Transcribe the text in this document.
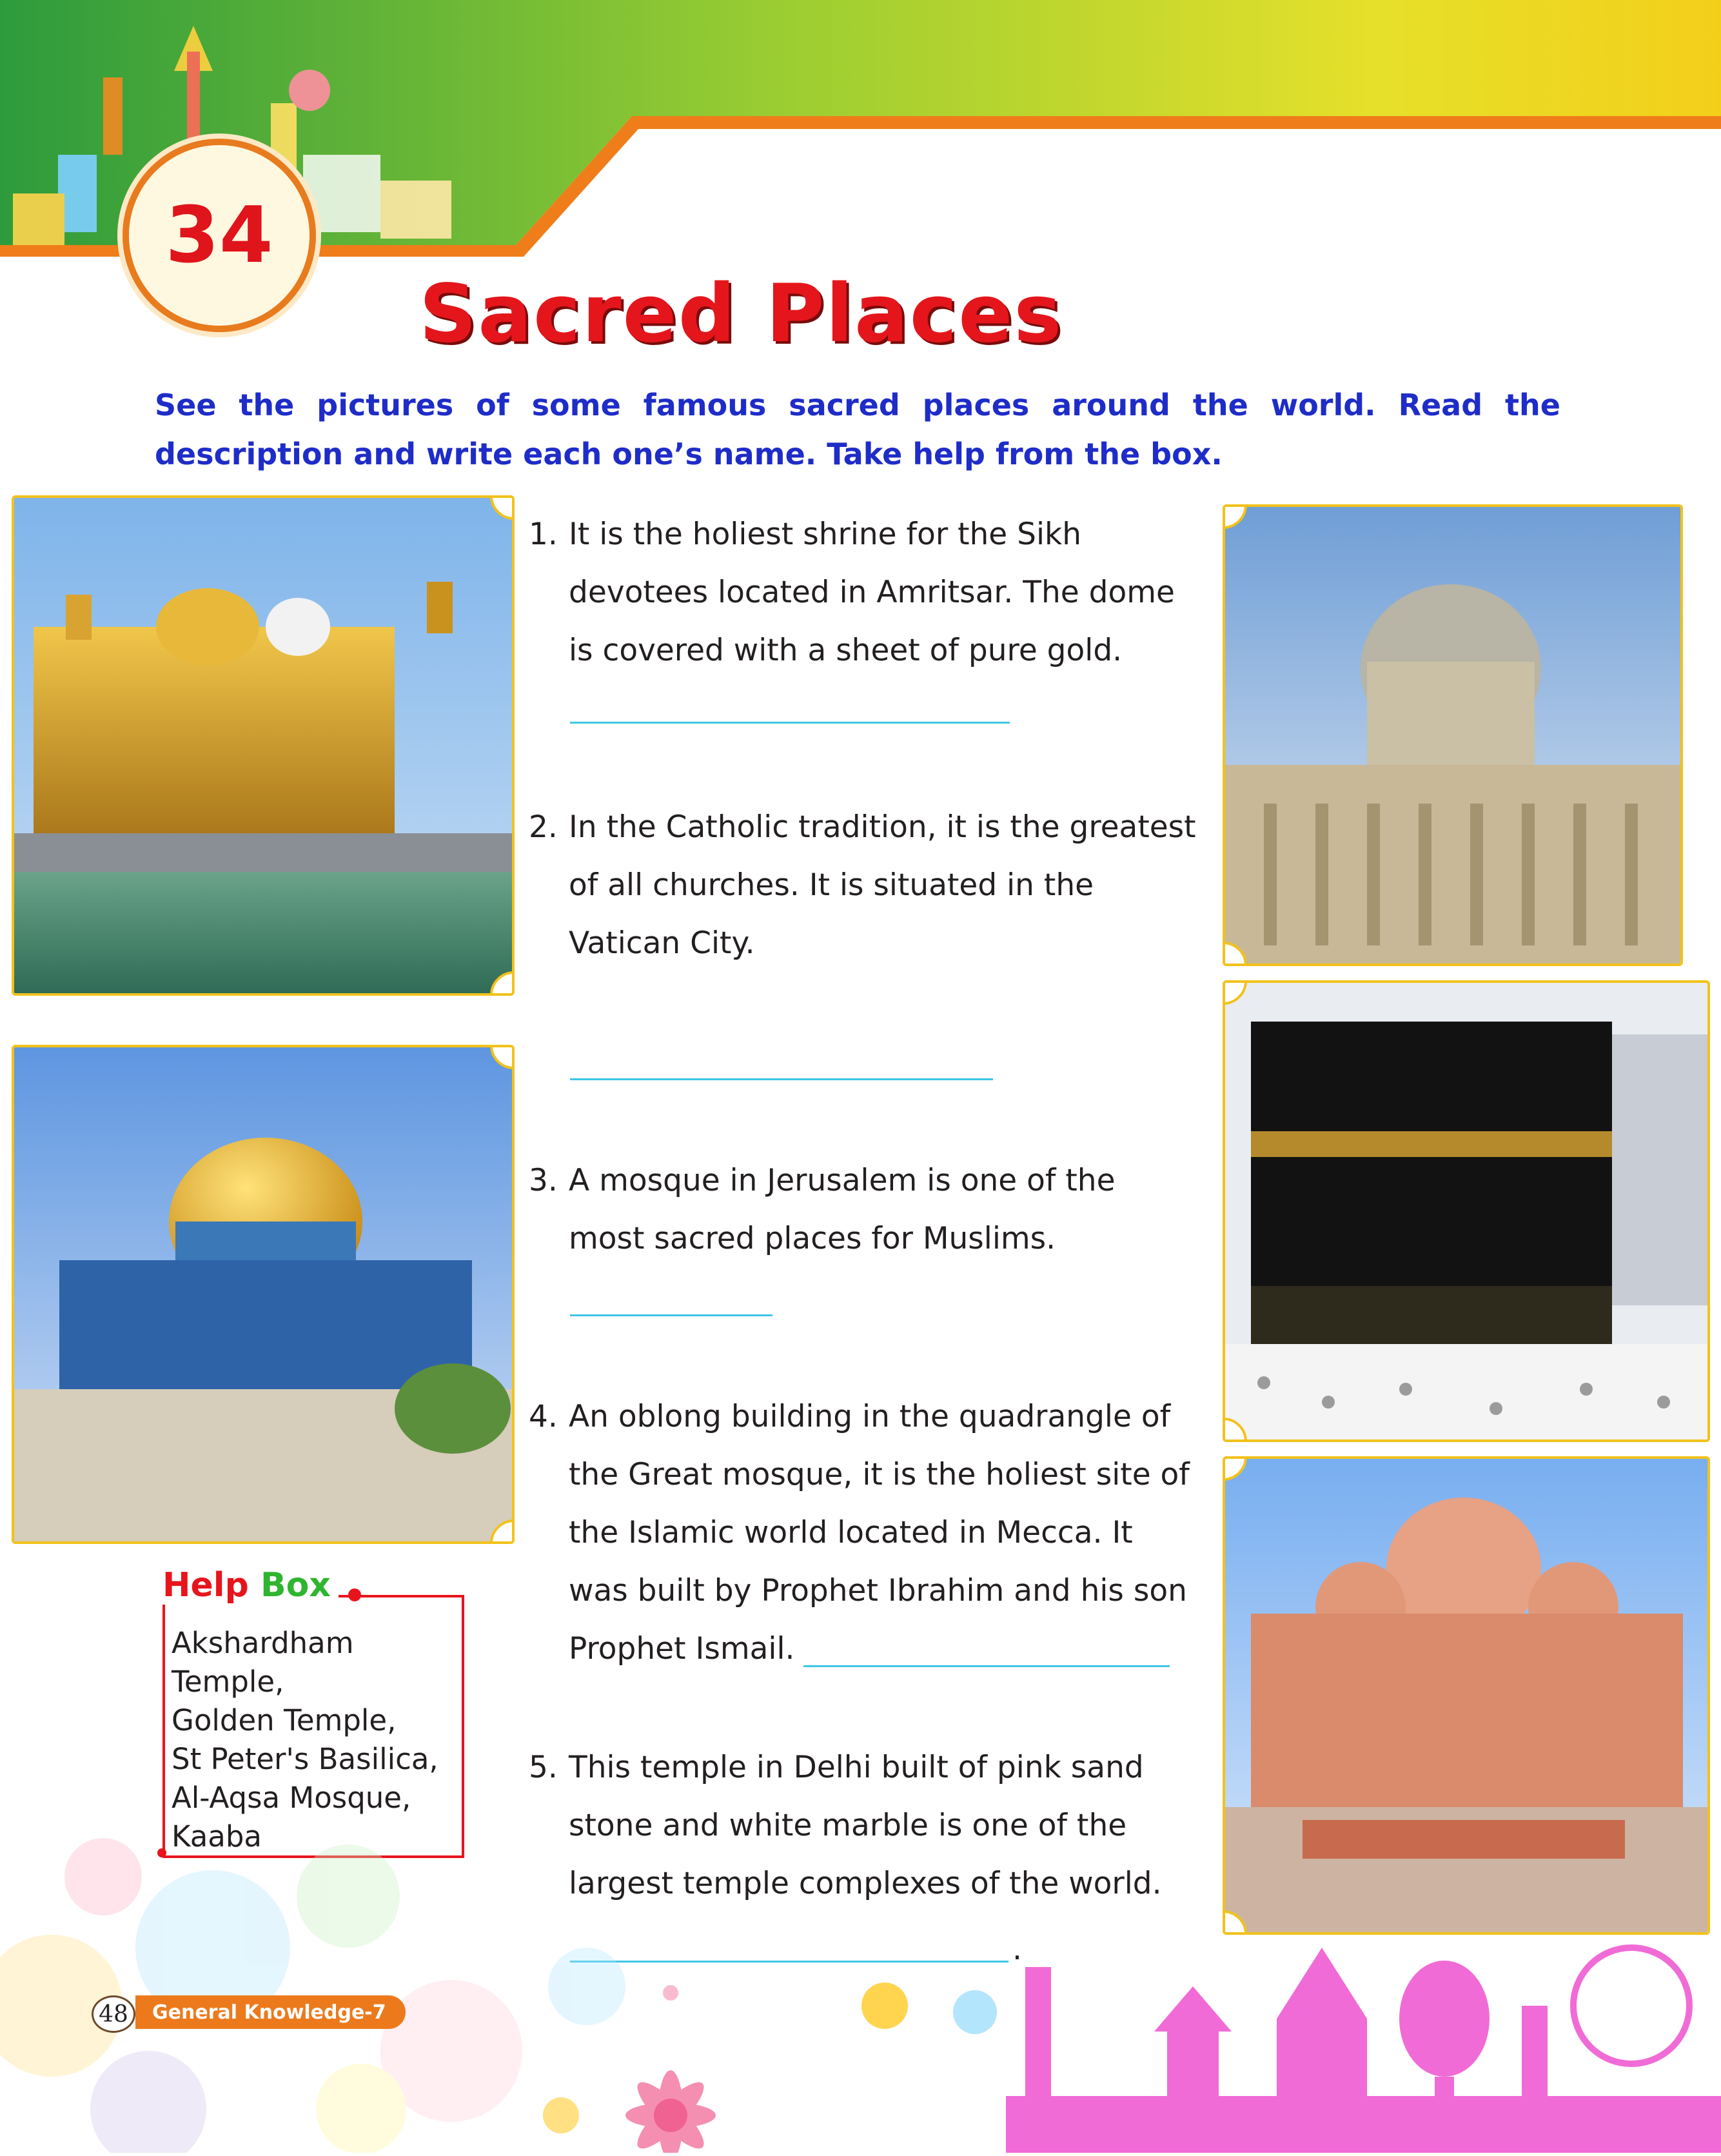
34
Sacred Places
See the pictures of some famous sacred places around the world. Read the description and write each one’s name. Take help from the box.
1. It is the holiest shrine for the Sikh
devotees located in Amritsar. The dome
is covered with a sheet of pure gold.
2. In the Catholic tradition, it is the greatest
of all churches. It is situated in the
Vatican City.
3. A mosque in Jerusalem is one of the
most sacred places for Muslims.
4. An oblong building in the quadrangle of
the Great mosque, it is the holiest site of
the Islamic world located in Mecca. It
was built by Prophet Ibrahim and his son
Prophet Ismail.
5. This temple in Delhi built of pink sand
stone and white marble is one of the
largest temple complexes of the world.
.
Help Box
Akshardham
Temple,
Golden Temple,
St Peter's Basilica,
Al-Aqsa Mosque,
Kaaba
48	General Knowledge-7
